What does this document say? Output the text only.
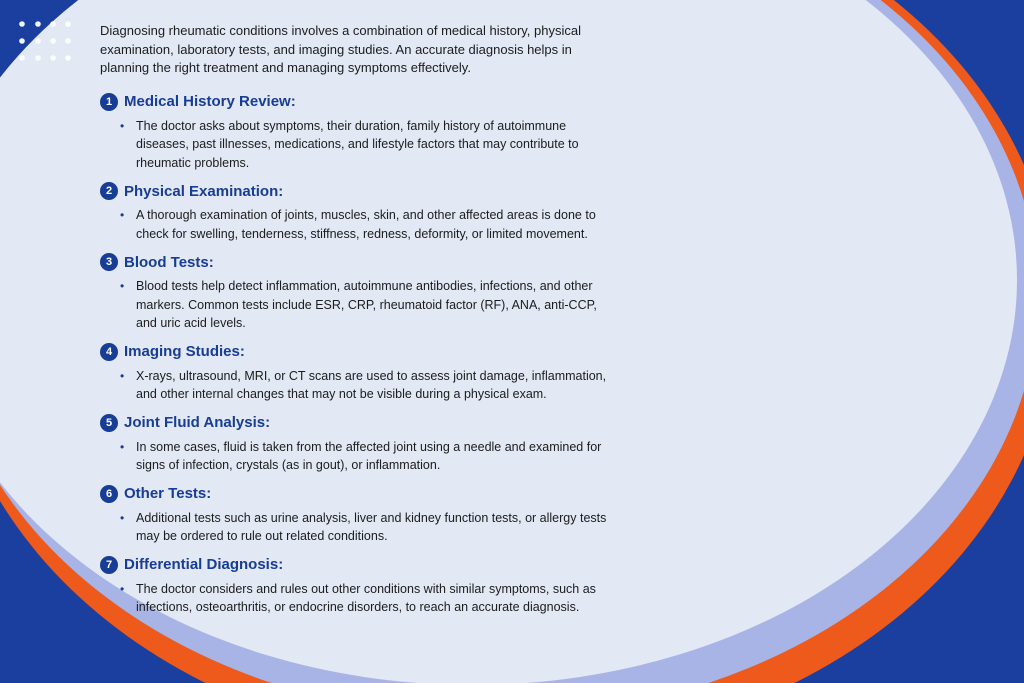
Diagnosing rheumatic conditions involves a combination of medical history, physical examination, laboratory tests, and imaging studies. An accurate diagnosis helps in planning the right treatment and managing symptoms effectively.

1 Medical History Review:
• The doctor asks about symptoms, their duration, family history of autoimmune diseases, past illnesses, medications, and lifestyle factors that may contribute to rheumatic problems.
2 Physical Examination:
• A thorough examination of joints, muscles, skin, and other affected areas is done to check for swelling, tenderness, stiffness, redness, deformity, or limited movement.
3 Blood Tests:
• Blood tests help detect inflammation, autoimmune antibodies, infections, and other markers. Common tests include ESR, CRP, rheumatoid factor (RF), ANA, anti-CCP, and uric acid levels.
4 Imaging Studies:
• X-rays, ultrasound, MRI, or CT scans are used to assess joint damage, inflammation, and other internal changes that may not be visible during a physical exam.
5 Joint Fluid Analysis:
• In some cases, fluid is taken from the affected joint using a needle and examined for signs of infection, crystals (as in gout), or inflammation.
6 Other Tests:
• Additional tests such as urine analysis, liver and kidney function tests, or allergy tests may be ordered to rule out related conditions.
7 Differential Diagnosis:
• The doctor considers and rules out other conditions with similar symptoms, such as infections, osteoarthritis, or endocrine disorders, to reach an accurate diagnosis.
